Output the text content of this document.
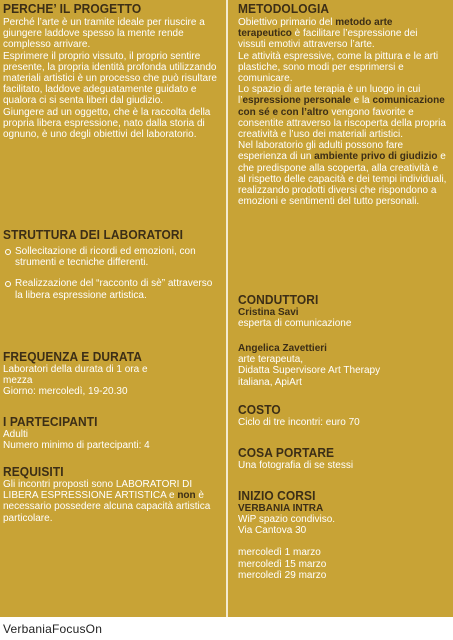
PERCHE’ IL PROGETTO

Perché l’arte è un tramite ideale per riuscire a giungere laddove spesso la mente rende complesso arrivare.

Esprimere il proprio vissuto, il proprio sentire presente, la propria identità profonda utilizzando materiali artistici è un processo che può risultare facilitato, laddove adeguatamente guidato e qualora ci si senta liberi dal giudizio.

Giungere ad un oggetto, che è la raccolta della propria libera espressione, nato dalla storia di ognuno, è uno degli obiettivi del laboratorio.

STRUTTURA DEI LABORATORI
Sollecitazione di ricordi ed emozioni, con strumenti e tecniche differenti.
Realizzazione del “racconto di sè” attraverso la libera espressione artistica.
FREQUENZA E DURATA

Laboratori della durata di 1 ora e mezza

Giorno: mercoledì, 19-20.30

I PARTECIPANTI

Adulti

Numero minimo di partecipanti: 4

REQUISITI

Gli incontri proposti sono LABORATORI DI LIBERA ESPRESSIONE ARTISTICA e non è necessario possedere alcuna capacità artistica particolare.

METODOLOGIA

Obiettivo primario del metodo arte terapeutico è facilitare l’espressione dei vissuti emotivi attraverso l’arte.

Le attività espressive, come la pittura e le arti plastiche, sono modi per esprimersi e comunicare.

Lo spazio di arte terapia è un luogo in cui l’espressione personale e la comunicazione con sé e con l’altro vengono favorite e consentite attraverso la riscoperta della propria creatività e l’uso dei materiali artistici.

Nel laboratorio gli adulti possono fare esperienza di un ambiente privo di giudizio e che predispone alla scoperta, alla creatività e al rispetto delle capacità e dei tempi individuali, realizzando prodotti diversi che rispondono a emozioni e sentimenti del tutto personali.

CONDUTTORI

Cristina Savi

esperta di comunicazione

Angelica Zavettieri

arte terapeuta,

Didatta Supervisore Art Therapy

italiana, ApiArt

COSTO

Ciclo di tre incontri: euro 70

COSA PORTARE

Una fotografia di se stessi

INIZIO CORSI

VERBANIA INTRA

WiP spazio condiviso.

Via Cantova 30

mercoledì 1 marzo

mercoledì 15 marzo

mercoledì 29 marzo

VerbaniaFocusOn
